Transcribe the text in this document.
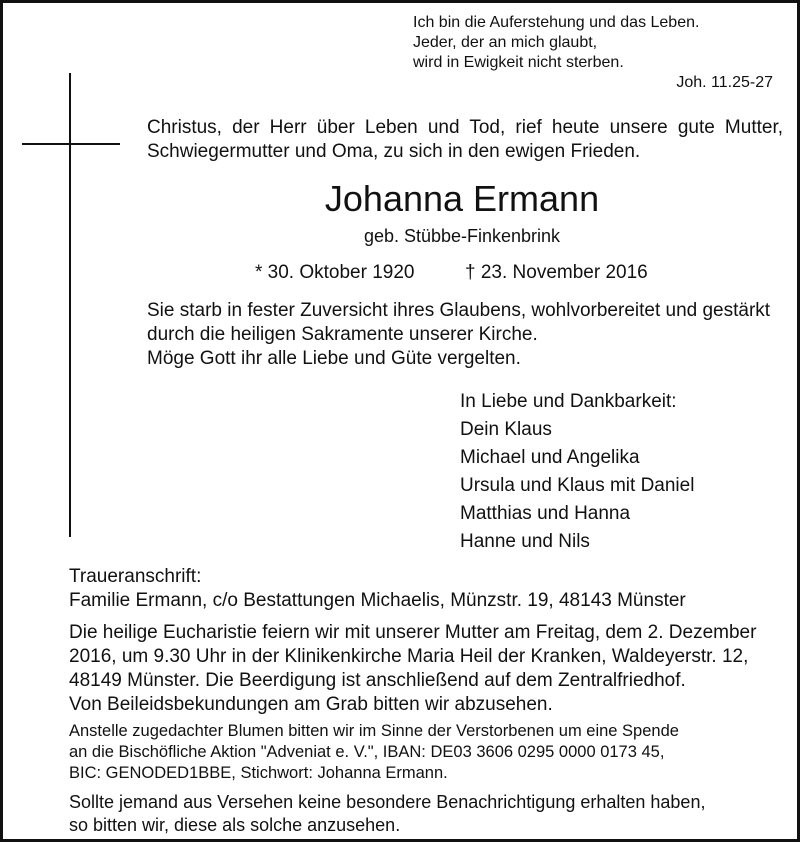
Ich bin die Auferstehung und das Leben.
Jeder, der an mich glaubt,
wird in Ewigkeit nicht sterben.
Joh. 11.25-27
Christus, der Herr über Leben und Tod, rief heute unsere gute Mutter, Schwiegermutter und Oma, zu sich in den ewigen Frieden.
Johanna Ermann
geb. Stübbe-Finkenbrink
* 30. Oktober 1920	† 23. November 2016
Sie starb in fester Zuversicht ihres Glaubens, wohlvorbereitet und gestärkt
durch die heiligen Sakramente unserer Kirche.
Möge Gott ihr alle Liebe und Güte vergelten.
In Liebe und Dankbarkeit:
Dein Klaus
Michael und Angelika
Ursula und Klaus mit Daniel
Matthias und Hanna
Hanne und Nils
Traueranschrift:
Familie Ermann, c/o Bestattungen Michaelis, Münzstr. 19, 48143 Münster
Die heilige Eucharistie feiern wir mit unserer Mutter am Freitag, dem 2. Dezember
2016, um 9.30 Uhr in der Klinikenkirche Maria Heil der Kranken, Waldeyerstr. 12,
48149 Münster. Die Beerdigung ist anschließend auf dem Zentralfriedhof.
Von Beileidsbekundungen am Grab bitten wir abzusehen.
Anstelle zugedachter Blumen bitten wir im Sinne der Verstorbenen um eine Spende
an die Bischöfliche Aktion "Adveniat e. V.", IBAN: DE03 3606 0295 0000 0173 45,
BIC: GENODED1BBE, Stichwort: Johanna Ermann.
Sollte jemand aus Versehen keine besondere Benachrichtigung erhalten haben,
so bitten wir, diese als solche anzusehen.
